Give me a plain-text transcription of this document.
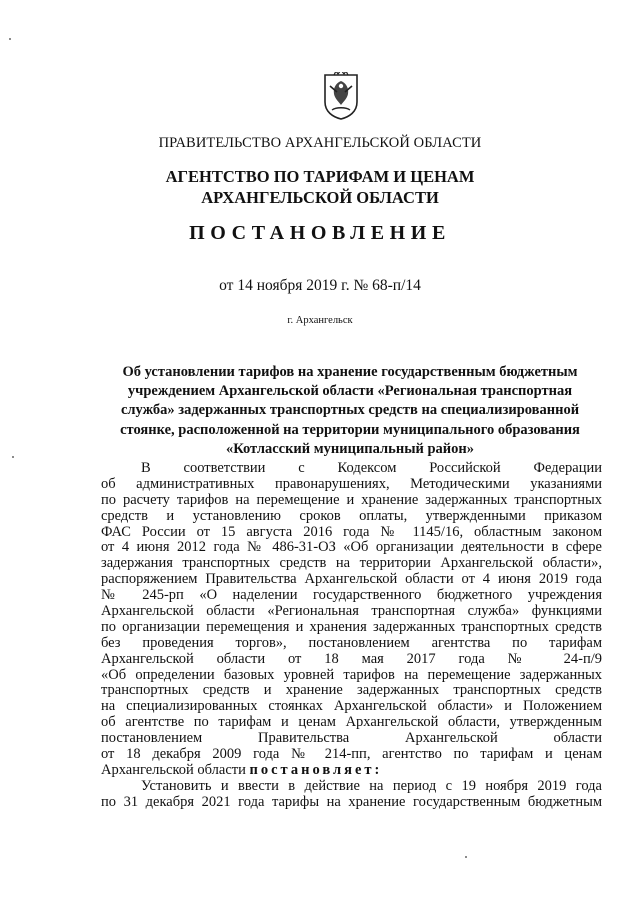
ПРАВИТЕЛЬСТВО АРХАНГЕЛЬСКОЙ ОБЛАСТИ
АГЕНТСТВО ПО ТАРИФАМ И ЦЕНАМ
АРХАНГЕЛЬСКОЙ ОБЛАСТИ
ПОСТАНОВЛЕНИЕ
от 14 ноября 2019 г. № 68-п/14
г. Архангельск
Об установлении тарифов на хранение государственным бюджетным
учреждением Архангельской области «Региональная транспортная
служба» задержанных транспортных средств на специализированной
стоянке, расположенной на территории муниципального образования
«Котласский муниципальный район»
В соответствии с Кодексом Российской Федерации
об административных правонарушениях, Методическими указаниями
по расчету тарифов на перемещение и хранение задержанных транспортных
средств и установлению сроков оплаты, утвержденными приказом
ФАС России от 15 августа 2016 года № 1145/16, областным законом
от 4 июня 2012 года № 486-31-ОЗ «Об организации деятельности в сфере
задержания транспортных средств на территории Архангельской области»,
распоряжением Правительства Архангельской области от 4 июня 2019 года
№ 245-рп «О наделении государственного бюджетного учреждения
Архангельской области «Региональная транспортная служба» функциями
по организации перемещения и хранения задержанных транспортных средств
без проведения торгов», постановлением агентства по тарифам
Архангельской области от 18 мая 2017 года № 24-п/9
«Об определении базовых уровней тарифов на перемещение задержанных
транспортных средств и хранение задержанных транспортных средств
на специализированных стоянках Архангельской области» и Положением
об агентстве по тарифам и ценам Архангельской области, утвержденным
постановлением Правительства Архангельской области
от 18 декабря 2009 года № 214-пп, агентство по тарифам и ценам
Архангельской области постановляет:
Установить и ввести в действие на период с 19 ноября 2019 года
по 31 декабря 2021 года тарифы на хранение государственным бюджетным
